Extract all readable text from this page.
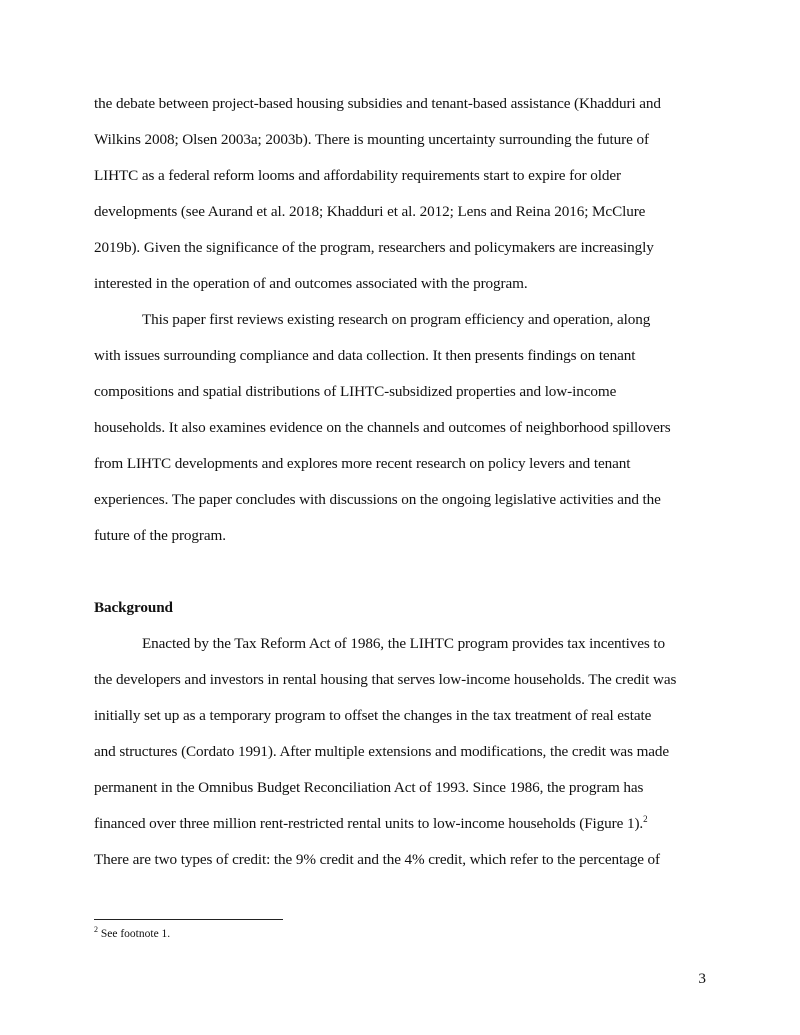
the debate between project-based housing subsidies and tenant-based assistance (Khadduri and
Wilkins 2008; Olsen 2003a; 2003b). There is mounting uncertainty surrounding the future of
LIHTC as a federal reform looms and affordability requirements start to expire for older
developments (see Aurand et al. 2018; Khadduri et al. 2012; Lens and Reina 2016; McClure
2019b). Given the significance of the program, researchers and policymakers are increasingly
interested in the operation of and outcomes associated with the program.
This paper first reviews existing research on program efficiency and operation, along
with issues surrounding compliance and data collection. It then presents findings on tenant
compositions and spatial distributions of LIHTC-subsidized properties and low-income
households. It also examines evidence on the channels and outcomes of neighborhood spillovers
from LIHTC developments and explores more recent research on policy levers and tenant
experiences. The paper concludes with discussions on the ongoing legislative activities and the
future of the program.
Background
Enacted by the Tax Reform Act of 1986, the LIHTC program provides tax incentives to
the developers and investors in rental housing that serves low-income households. The credit was
initially set up as a temporary program to offset the changes in the tax treatment of real estate
and structures (Cordato 1991). After multiple extensions and modifications, the credit was made
permanent in the Omnibus Budget Reconciliation Act of 1993. Since 1986, the program has
financed over three million rent-restricted rental units to low-income households (Figure 1).$^2$
There are two types of credit: the 9% credit and the 4% credit, which refer to the percentage of
$^2$ See footnote 1.
3
